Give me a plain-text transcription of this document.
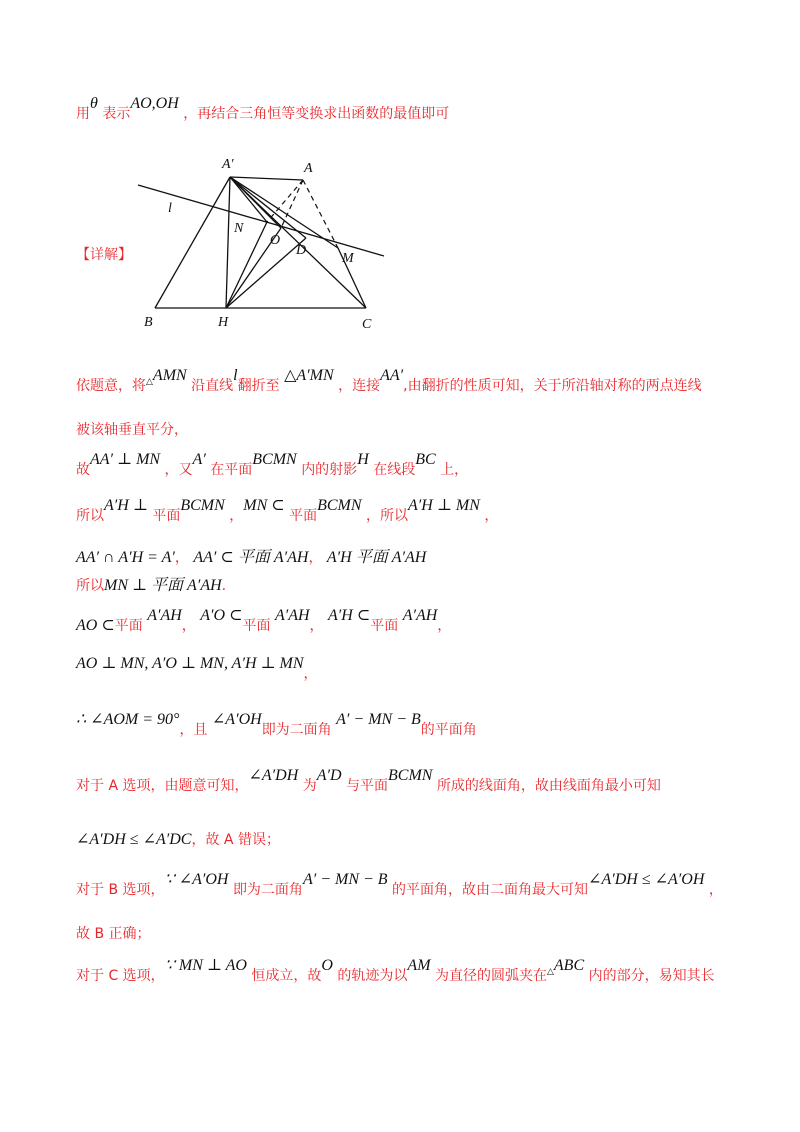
用θ 表示AO,OH ，再结合三角恒等变换求出函数的最值即可
A′	A
l
N
O
D
M
B	H	C
【详解】
依题意，将△AMN 沿直线l翻折至 △A′MN ，连接AA′,由翻折的性质可知，关于所沿轴对称的两点连线
被该轴垂直平分，
故AA′ ⊥ MN ，又A′ 在平面BCMN 内的射影H 在线段BC 上，
所以A′H ⊥ 平面BCMN ，MN ⊂ 平面BCMN ，所以A′H ⊥ MN ，
AA′ ∩ A′H = A′， AA′ ⊂ 平面 A′AH， A′H 平面 A′AH
所以MN ⊥ 平面 A′AH.
AO ⊂平面 A′AH， A′O ⊂平面 A′AH， A′H ⊂平面 A′AH，
AO ⊥ MN, A′O ⊥ MN, A′H ⊥ MN，
∴ ∠AOM = 90°，且 ∠A′OH即为二面角 A′ − MN − B的平面角
对于 A 选项，由题意可知，∠A′DH 为A′D 与平面BCMN 所成的线面角，故由线面角最小可知
∠A′DH ≤ ∠A′DC，故 A 错误；
对于 B 选项，∵ ∠A′OH 即为二面角A′ − MN − B 的平面角，故由二面角最大可知∠A′DH ≤ ∠A′OH ，
故 B 正确；
对于 C 选项，∵ MN ⊥ AO 恒成立，故O 的轨迹为以AM 为直径的圆弧夹在△ABC 内的部分，易知其长
